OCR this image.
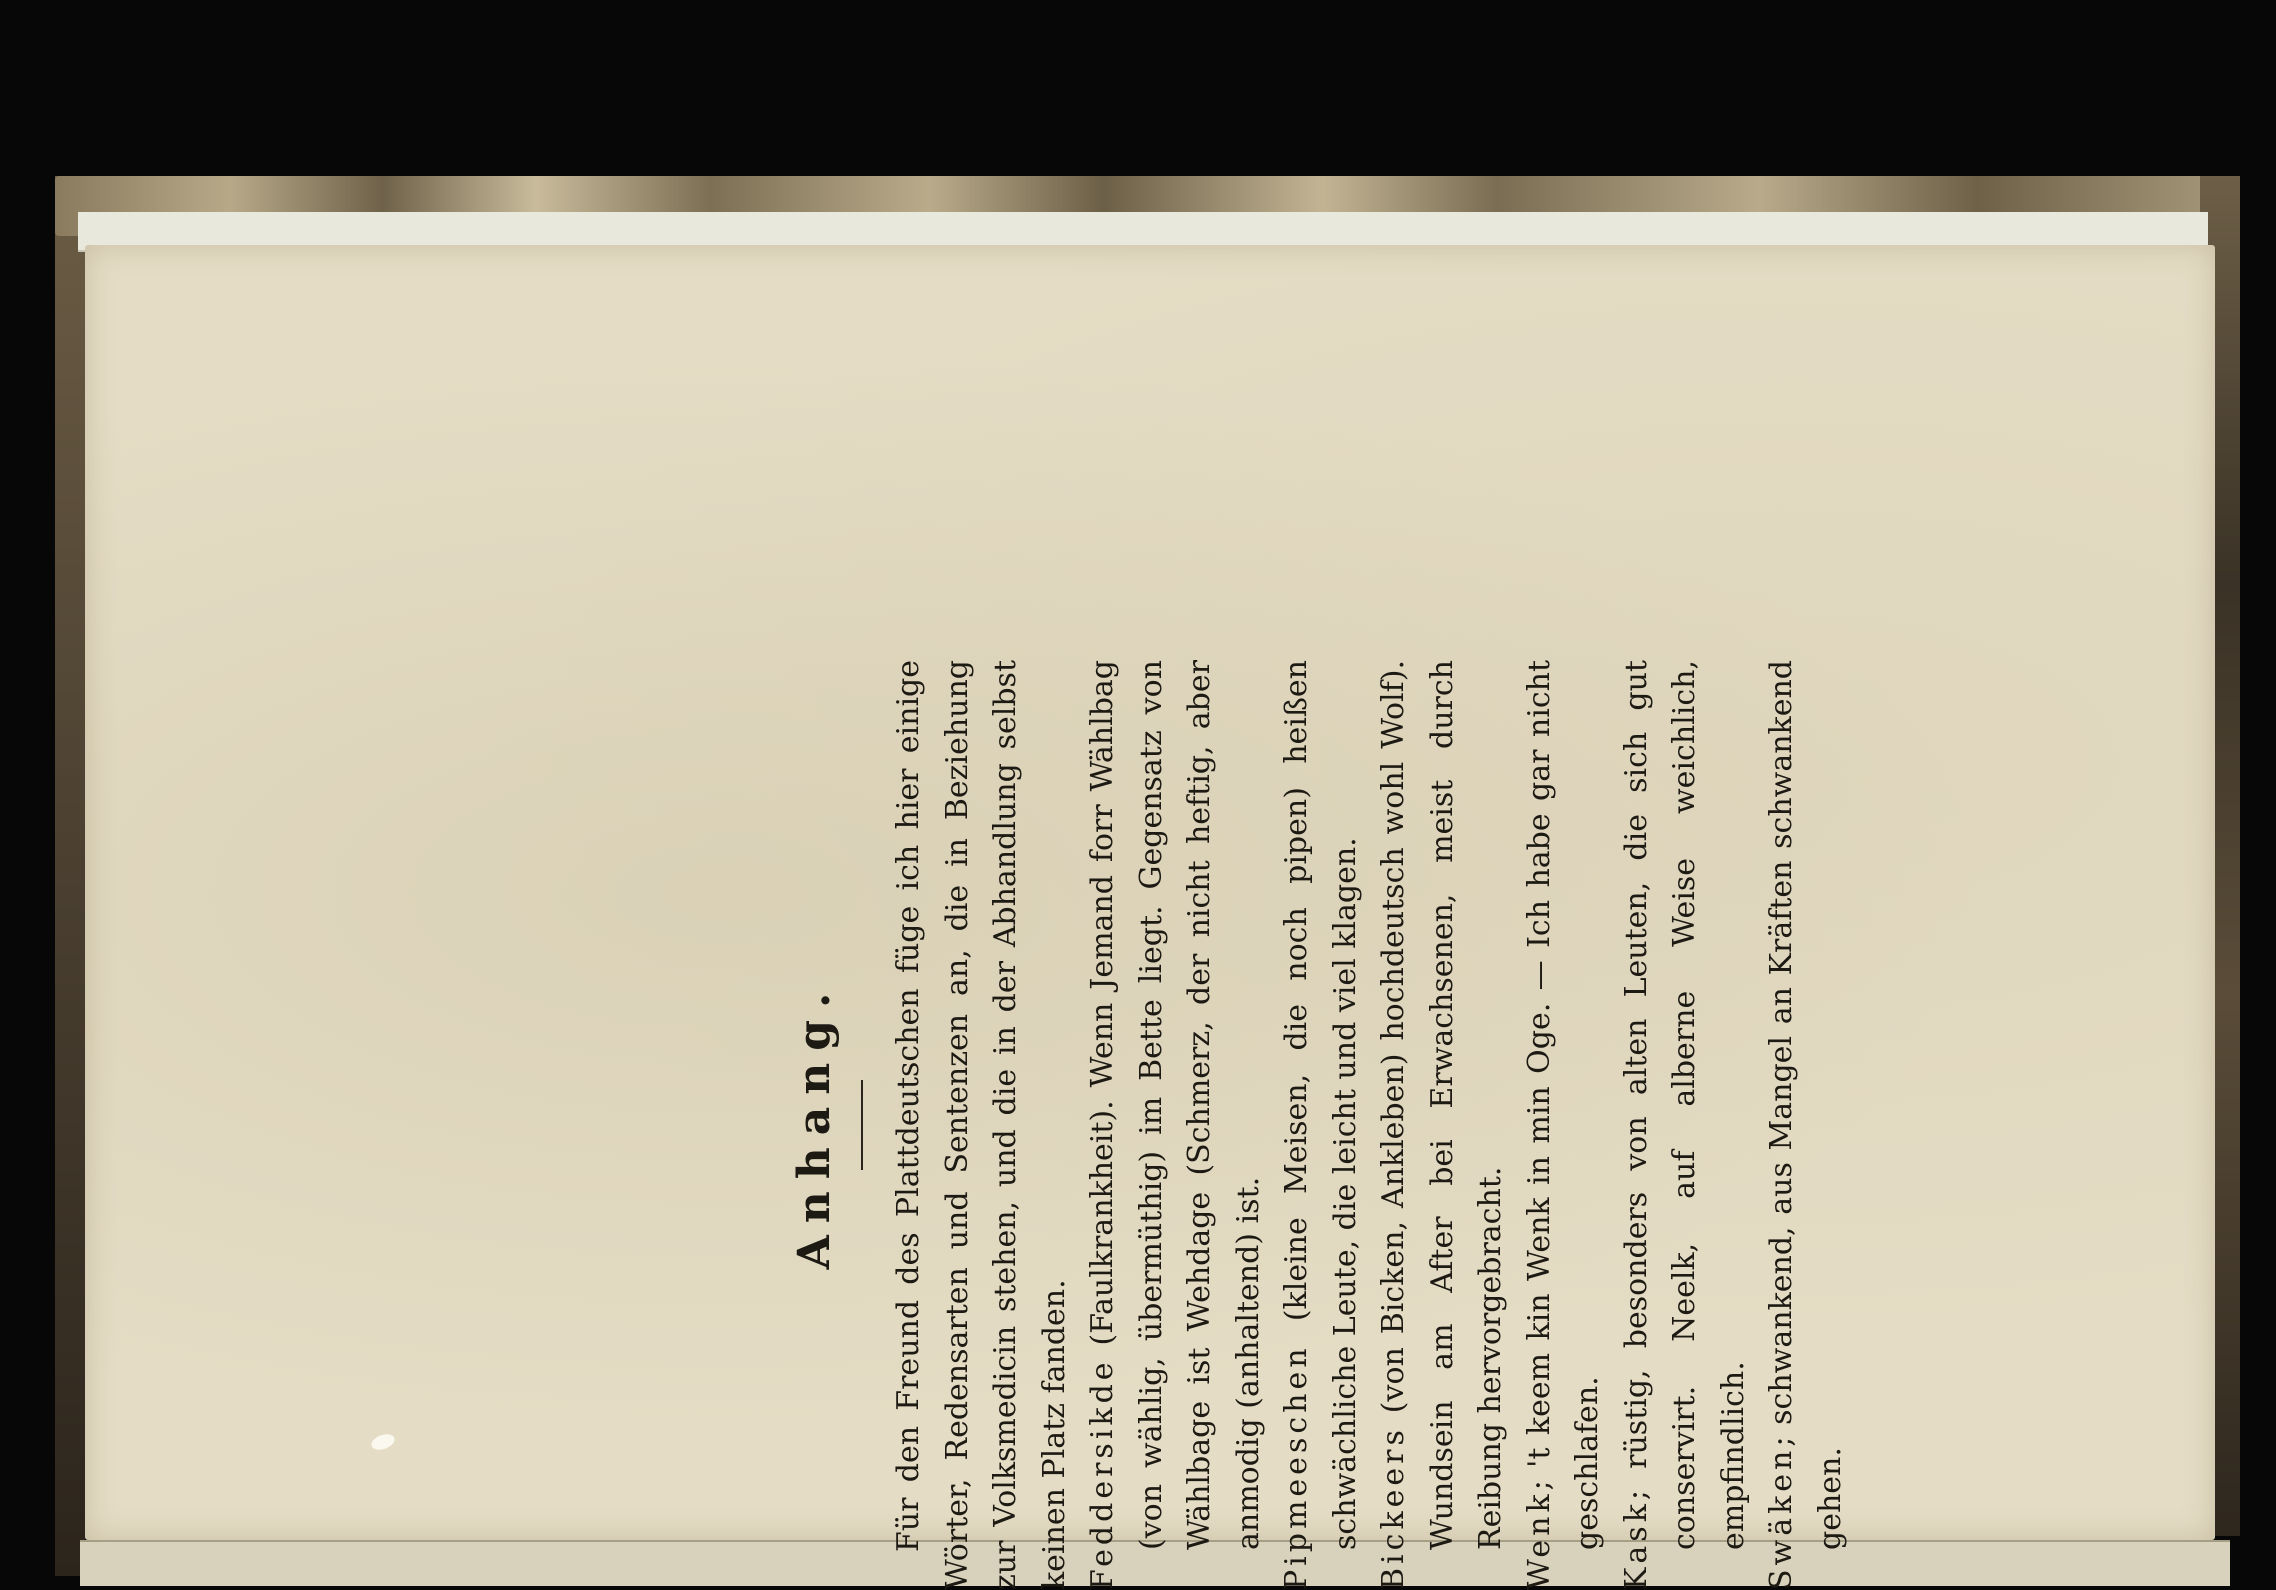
Anhang. Für den Freund des Plattdeutschen füge ich hier einige Wörter, Redensarten und Sentenzen an, die in Beziehung zur Volksmedicin stehen, und die in der Abhandlung selbst keinen Platz fanden. Feddersikde (Faulkrankheit). Wenn Jemand forr Wählbag (von wählig, übermüthig) im Bette liegt. Gegensatz von Wählbage ist Wehdage (Schmerz, der nicht heftig, aber anmodig (anhaltend) ist. Pipmeeschen (kleine Meisen, die noch pipen) heißen schwächliche Leute, die leicht und viel klagen. Bickeers (von Bicken, Ankleben) hochdeutsch wohl Wolf). Wundsein am After bei Erwachsenen, meist durch Reibung hervorgebracht. Wenk; 't keem kin Wenk in min Oge. — Ich habe gar nicht geschlafen. Kask; rüstig, besonders von alten Leuten, die sich gut conservirt. Neelk, auf alberne Weise weichlich, empfindlich. Swäken; schwankend, aus Mangel an Kräften schwankend gehen.
